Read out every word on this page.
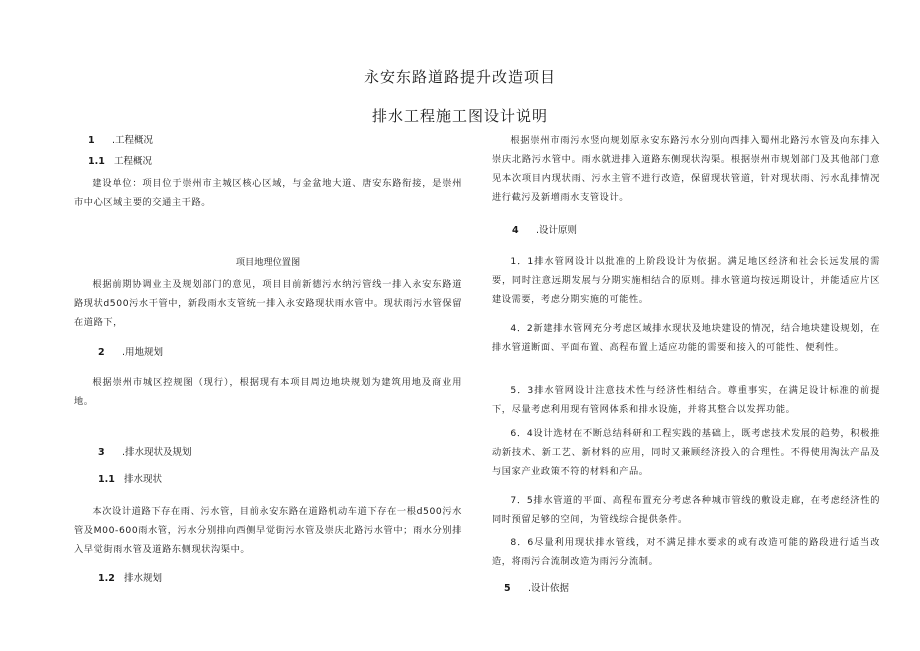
永安东路道路提升改造项目
排水工程施工图设计说明
1 .工程概况
1.1 工程概况
建设单位：项目位于崇州市主城区核心区域，与金盆地大道、唐安东路衔接，是崇州市中心区域主要的交通主干路。
项目地理位置图
根据前期协调业主及规划部门的意见，项目目前新德污水纳污管线一排入永安东路道路现状d500污水干管中，新段雨水支管统一排入永安路现状雨水管中。现状雨污水管保留在道路下，
2 .用地规划
根据崇州市城区控规图（现行），根据现有本项目周边地块规划为建筑用地及商业用地。
3 .排水现状及规划
1.1 排水现状
本次设计道路下存在雨、污水管，目前永安东路在道路机动车道下存在一根d500污水管及M00-600雨水管，污水分别排向西侧早觉街污水管及崇庆北路污水管中；雨水分别排入早觉街雨水管及道路东侧现状沟渠中。
1.2 排水规划
根据崇州市雨污水竖向规划原永安东路污水分别向西排入蜀州北路污水管及向东排入崇庆北路污水管中。雨水就进排入道路东侧现状沟渠。根据崇州市规划部门及其他部门意见本次项目内现状雨、污水主管不进行改造，保留现状管道，针对现状雨、污水乱排情况进行截污及新增雨水支管设计。
4 .设计原则
1．1排水管网设计以批准的上阶段设计为依据。满足地区经济和社会长远发展的需要，同时注意远期发展与分期实施相结合的原则。排水管道均按远期设计，并能适应片区建设需要，考虑分期实施的可能性。
4．2新建排水管网充分考虑区域排水现状及地块建设的情况，结合地块建设规划，在排水管道断面、平面布置、高程布置上适应功能的需要和接入的可能性、便利性。
5．3排水管网设计注意技术性与经济性相结合。尊重事实，在满足设计标准的前提下，尽量考虑利用现有管网体系和排水设施，并将其整合以发挥功能。
6．4设计选材在不断总结科研和工程实践的基础上，既考虑技术发展的趋势，积极推动新技术、新工艺、新材料的应用，同时又兼顾经济投入的合理性。不得使用淘汰产品及与国家产业政策不符的材料和产品。
7．5排水管道的平面、高程布置充分考虑各种城市管线的敷设走廊，在考虑经济性的同时预留足够的空间，为管线综合提供条件。
8．6尽量利用现状排水管线，对不满足排水要求的或有改造可能的路段进行适当改造，将雨污合流制改造为雨污分流制。
5 .设计依据
